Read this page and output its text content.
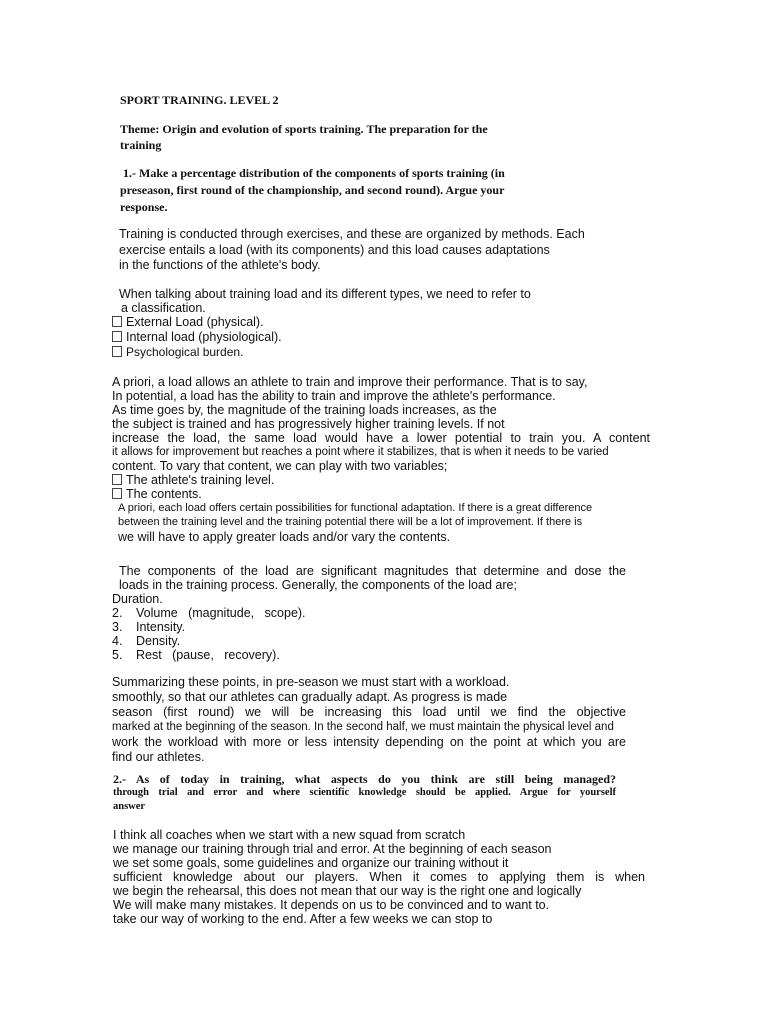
SPORT TRAINING. LEVEL 2
Theme: Origin and evolution of sports training. The preparation for the
training
1.- Make a percentage distribution of the components of sports training (in
preseason, first round of the championship, and second round). Argue your
response.
Training is conducted through exercises, and these are organized by methods. Each
exercise entails a load (with its components) and this load causes adaptations
in the functions of the athlete's body.
When talking about training load and its different types, we need to refer to
a classification.
External Load (physical).
Internal load (physiological).
Psychological burden.
A priori, a load allows an athlete to train and improve their performance. That is to say,
In potential, a load has the ability to train and improve the athlete's performance.
As time goes by, the magnitude of the training loads increases, as the
the subject is trained and has progressively higher training levels. If not
increase the load, the same load would have a lower potential to train you. A content
it allows for improvement but reaches a point where it stabilizes, that is when it needs to be varied
content. To vary that content, we can play with two variables;
The athlete's training level.
The contents.
A priori, each load offers certain possibilities for functional adaptation. If there is a great difference
between the training level and the training potential there will be a lot of improvement. If there is
we will have to apply greater loads and/or vary the contents.
The components of the load are significant magnitudes that determine and dose the
loads in the training process. Generally, the components of the load are;
Duration.
2. Volume   (magnitude,   scope).
3. Intensity.
4. Density.
5. Rest   (pause,   recovery).
Summarizing these points, in pre-season we must start with a workload.
smoothly, so that our athletes can gradually adapt. As progress is made
season (first round) we will be increasing this load until we find the objective
marked at the beginning of the season. In the second half, we must maintain the physical level and
work the workload with more or less intensity depending on the point at which you are
find our athletes.
2.- As of today in training, what aspects do you think are still being managed?
through trial and error and where scientific knowledge should be applied. Argue for yourself
answer
I think all coaches when we start with a new squad from scratch
we manage our training through trial and error. At the beginning of each season
we set some goals, some guidelines and organize our training without it
sufficient knowledge about our players. When it comes to applying them is when
we begin the rehearsal, this does not mean that our way is the right one and logically
We will make many mistakes. It depends on us to be convinced and to want to.
take our way of working to the end. After a few weeks we can stop to
